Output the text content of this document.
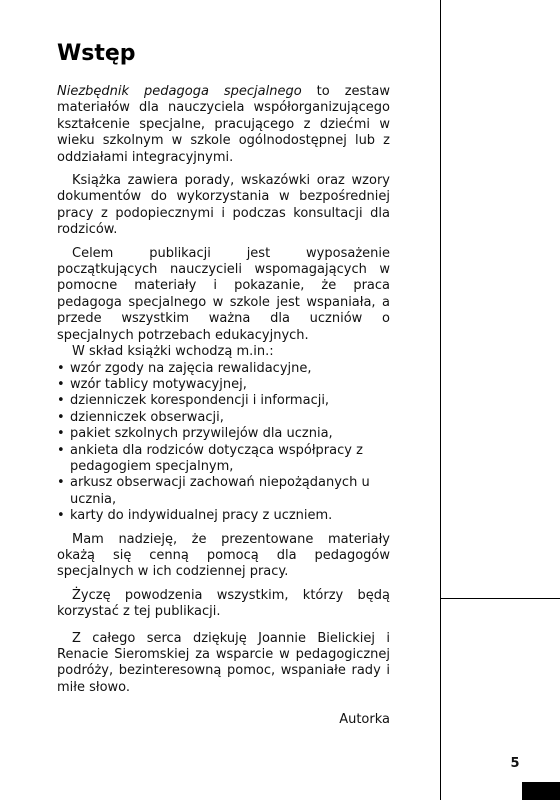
Wstęp

Niezbędnik pedagoga specjalnego to zestaw materiałów dla nauczyciela współorganizującego kształcenie specjalne, pracującego z dziećmi w wieku szkolnym w szkole ogólnodostępnej lub z oddziałami integracyjnymi.

Książka zawiera porady, wskazówki oraz wzory dokumentów do wykorzystania w bezpośredniej pracy z podopiecznymi i podczas konsultacji dla rodziców.

Celem publikacji jest wyposażenie początkujących nauczycieli wspomagających w pomocne materiały i pokazanie, że praca pedagoga specjalnego w szkole jest wspaniała, a przede wszystkim ważna dla uczniów o specjalnych potrzebach edukacyjnych.

W skład książki wchodzą m.in.:

• wzór zgody na zajęcia rewalidacyjne,
• wzór tablicy motywacyjnej,
• dzienniczek korespondencji i informacji,
• dzienniczek obserwacji,
• pakiet szkolnych przywilejów dla ucznia,
• ankieta dla rodziców dotycząca współpracy z pedagogiem specjalnym,
• arkusz obserwacji zachowań niepożądanych u ucznia,
• karty do indywidualnej pracy z uczniem.

Mam nadzieję, że prezentowane materiały okażą się cenną pomocą dla pedagogów specjalnych w ich codziennej pracy.

Życzę powodzenia wszystkim, którzy będą korzystać z tej publikacji.

Z całego serca dziękuję Joannie Bielickiej i Renacie Sieromskiej za wsparcie w pedagogicznej podróży, bezinteresowną pomoc, wspaniałe rady i miłe słowo.

Autorka
5
